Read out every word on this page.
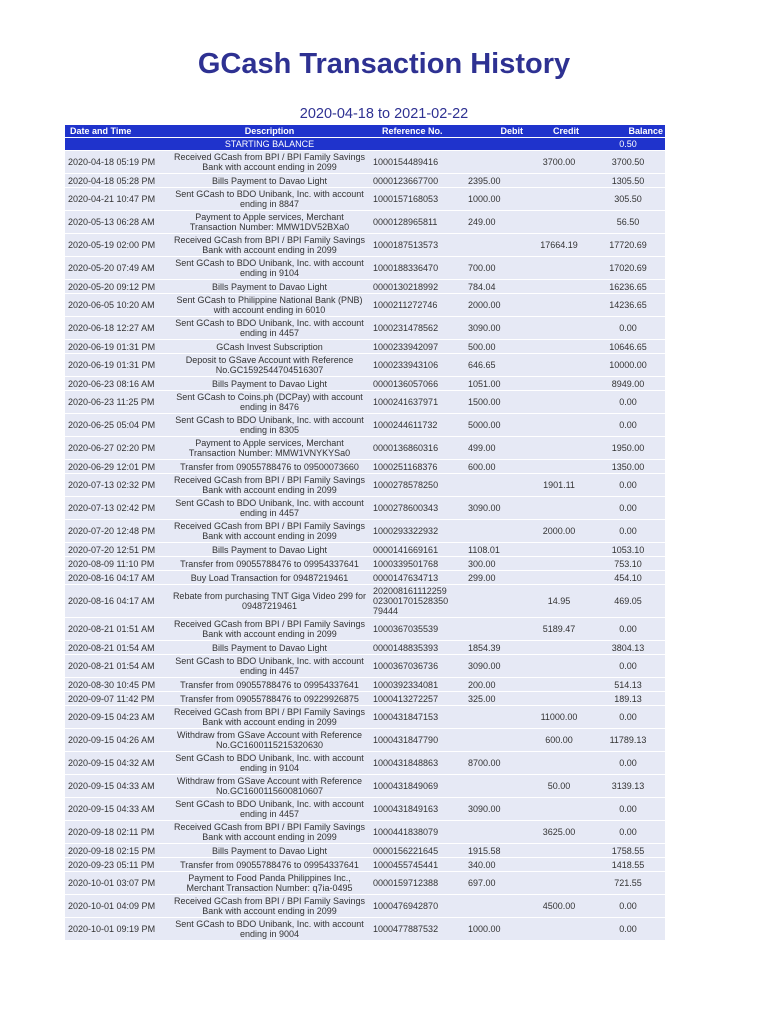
GCash Transaction History
2020-04-18 to 2021-02-22
Date and Time	Description	Reference No.	Debit	Credit	Balance
	STARTING BALANCE				0.50
2020-04-18 05:19 PM	Received GCash from BPI / BPI Family Savings Bank with account ending in 2099	1000154489416		3700.00	3700.50
2020-04-18 05:28 PM	Bills Payment to Davao Light	0000123667700	2395.00		1305.50
2020-04-21 10:47 PM	Sent GCash to BDO Unibank, Inc. with account ending in 8847	1000157168053	1000.00		305.50
2020-05-13 06:28 AM	Payment to Apple services, Merchant Transaction Number: MMW1DV52BXa0	0000128965811	249.00		56.50
2020-05-19 02:00 PM	Received GCash from BPI / BPI Family Savings Bank with account ending in 2099	1000187513573		17664.19	17720.69
2020-05-20 07:49 AM	Sent GCash to BDO Unibank, Inc. with account ending in 9104	1000188336470	700.00		17020.69
2020-05-20 09:12 PM	Bills Payment to Davao Light	0000130218992	784.04		16236.65
2020-06-05 10:20 AM	Sent GCash to Philippine National Bank (PNB) with account ending in 6010	1000211272746	2000.00		14236.65
2020-06-18 12:27 AM	Sent GCash to BDO Unibank, Inc. with account ending in 4457	1000231478562	3090.00		0.00
2020-06-19 01:31 PM	GCash Invest Subscription	1000233942097	500.00		10646.65
2020-06-19 01:31 PM	Deposit to GSave Account with Reference No.GC1592544704516307	1000233943106	646.65		10000.00
2020-06-23 08:16 AM	Bills Payment to Davao Light	0000136057066	1051.00		8949.00
2020-06-23 11:25 PM	Sent GCash to Coins.ph (DCPay) with account ending in 8476	1000241637971	1500.00		0.00
2020-06-25 05:04 PM	Sent GCash to BDO Unibank, Inc. with account ending in 8305	1000244611732	5000.00		0.00
2020-06-27 02:20 PM	Payment to Apple services, Merchant Transaction Number: MMW1VNYKYSa0	0000136860316	499.00		1950.00
2020-06-29 12:01 PM	Transfer from 09055788476 to 09500073660	1000251168376	600.00		1350.00
2020-07-13 02:32 PM	Received GCash from BPI / BPI Family Savings Bank with account ending in 2099	1000278578250		1901.11	0.00
2020-07-13 02:42 PM	Sent GCash to BDO Unibank, Inc. with account ending in 4457	1000278600343	3090.00		0.00
2020-07-20 12:48 PM	Received GCash from BPI / BPI Family Savings Bank with account ending in 2099	1000293322932		2000.00	0.00
2020-07-20 12:51 PM	Bills Payment to Davao Light	0000141669161	1108.01		1053.10
2020-08-09 11:10 PM	Transfer from 09055788476 to 09954337641	1000339501768	300.00		753.10
2020-08-16 04:17 AM	Buy Load Transaction for 09487219461	0000147634713	299.00		454.10
2020-08-16 04:17 AM	Rebate from purchasing TNT Giga Video 299 for 09487219461	202008161112259 023001701528350 79444		14.95	469.05
2020-08-21 01:51 AM	Received GCash from BPI / BPI Family Savings Bank with account ending in 2099	1000367035539		5189.47	0.00
2020-08-21 01:54 AM	Bills Payment to Davao Light	0000148835393	1854.39		3804.13
2020-08-21 01:54 AM	Sent GCash to BDO Unibank, Inc. with account ending in 4457	1000367036736	3090.00		0.00
2020-08-30 10:45 PM	Transfer from 09055788476 to 09954337641	1000392334081	200.00		514.13
2020-09-07 11:42 PM	Transfer from 09055788476 to 09229926875	1000413272257	325.00		189.13
2020-09-15 04:23 AM	Received GCash from BPI / BPI Family Savings Bank with account ending in 2099	1000431847153		11000.00	0.00
2020-09-15 04:26 AM	Withdraw from GSave Account with Reference No.GC1600115215320630	1000431847790		600.00	11789.13
2020-09-15 04:32 AM	Sent GCash to BDO Unibank, Inc. with account ending in 9104	1000431848863	8700.00		0.00
2020-09-15 04:33 AM	Withdraw from GSave Account with Reference No.GC1600115600810607	1000431849069		50.00	3139.13
2020-09-15 04:33 AM	Sent GCash to BDO Unibank, Inc. with account ending in 4457	1000431849163	3090.00		0.00
2020-09-18 02:11 PM	Received GCash from BPI / BPI Family Savings Bank with account ending in 2099	1000441838079		3625.00	0.00
2020-09-18 02:15 PM	Bills Payment to Davao Light	0000156221645	1915.58		1758.55
2020-09-23 05:11 PM	Transfer from 09055788476 to 09954337641	1000455745441	340.00		1418.55
2020-10-01 03:07 PM	Payment to Food Panda Philippines Inc., Merchant Transaction Number: q7ia-0495	0000159712388	697.00		721.55
2020-10-01 04:09 PM	Received GCash from BPI / BPI Family Savings Bank with account ending in 2099	1000476942870		4500.00	0.00
2020-10-01 09:19 PM	Sent GCash to BDO Unibank, Inc. with account ending in 9004	1000477887532	1000.00		0.00
